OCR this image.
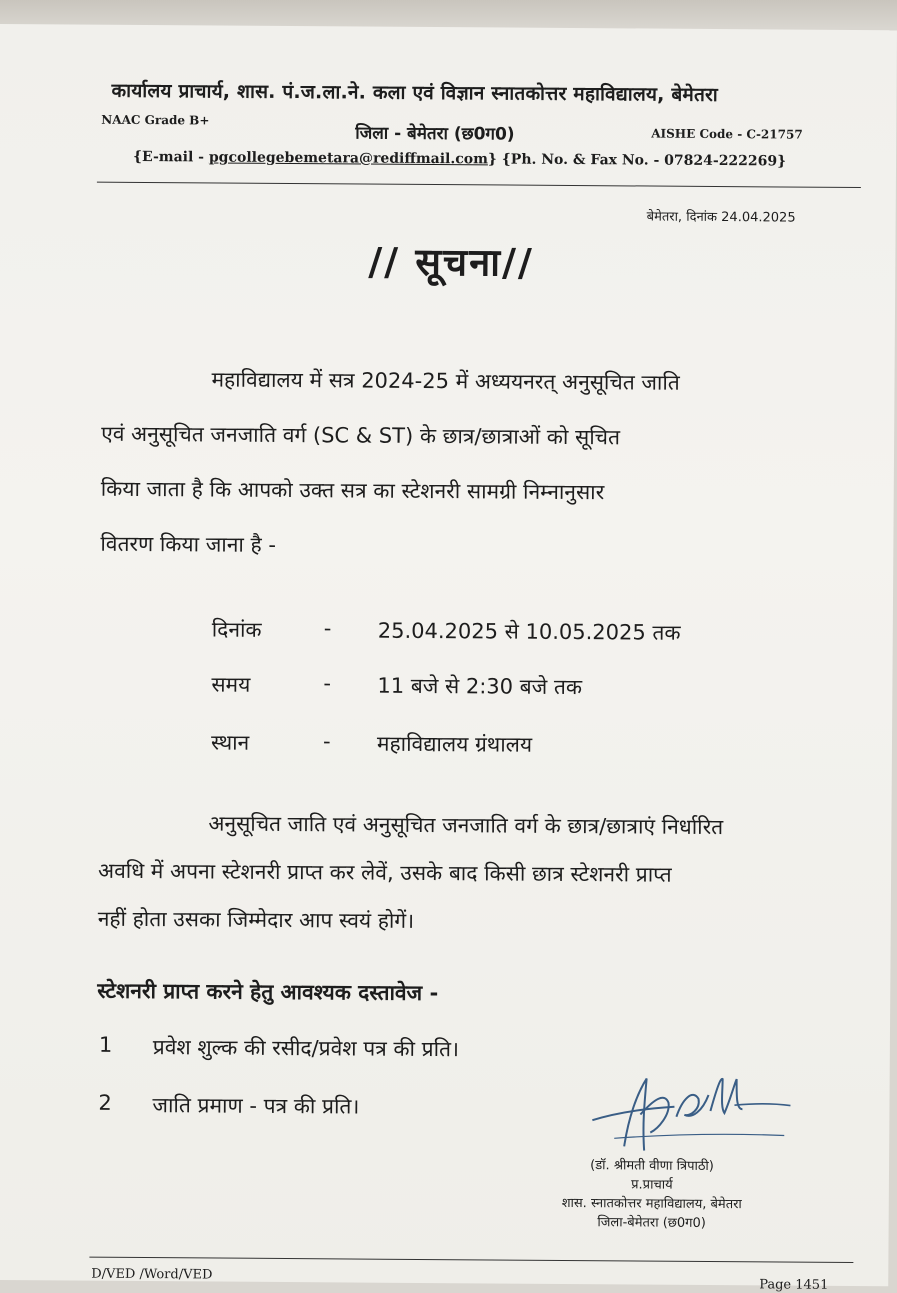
कार्यालय प्राचार्य, शास. पं.ज.ला.ने. कला एवं विज्ञान स्नातकोत्तर महाविद्यालय, बेमेतरा
NAAC Grade B+
जिला - बेमेतरा (छ0ग0)	AISHE Code - C-21757
{E-mail - pgcollegebemetara@rediffmail.com} {Ph. No. & Fax No. - 07824-222269}
बेमेतरा, दिनांक 24.04.2025
// सूचना//
महाविद्यालय में सत्र 2024-25 में अध्ययनरत् अनुसूचित जाति
एवं अनुसूचित जनजाति वर्ग (SC & ST) के छात्र/छात्राओं को सूचित
किया जाता है कि आपको उक्त सत्र का स्टेशनरी सामग्री निम्नानुसार
वितरण किया जाना है -
दिनांक	- 25.04.2025 से 10.05.2025 तक
समय	- 11 बजे से 2:30 बजे तक
स्थान	- महाविद्यालय ग्रंथालय
अनुसूचित जाति एवं अनुसूचित जनजाति वर्ग के छात्र/छात्राएं निर्धारित
अवधि में अपना स्टेशनरी प्राप्त कर लेवें, उसके बाद किसी छात्र स्टेशनरी प्राप्त
नहीं होता उसका जिम्मेदार आप स्वयं होगें।
स्टेशनरी प्राप्त करने हेतु आवश्यक दस्तावेज -
1 प्रवेश शुल्क की रसीद/प्रवेश पत्र की प्रति।
2 जाति प्रमाण - पत्र की प्रति।
(डॉ. श्रीमती वीणा त्रिपाठी)
प्र.प्राचार्य
शास. स्नातकोत्तर महाविद्यालय, बेमेतरा
जिला-बेमेतरा (छ0ग0)
D/VED /Word/VED
Page 1451
